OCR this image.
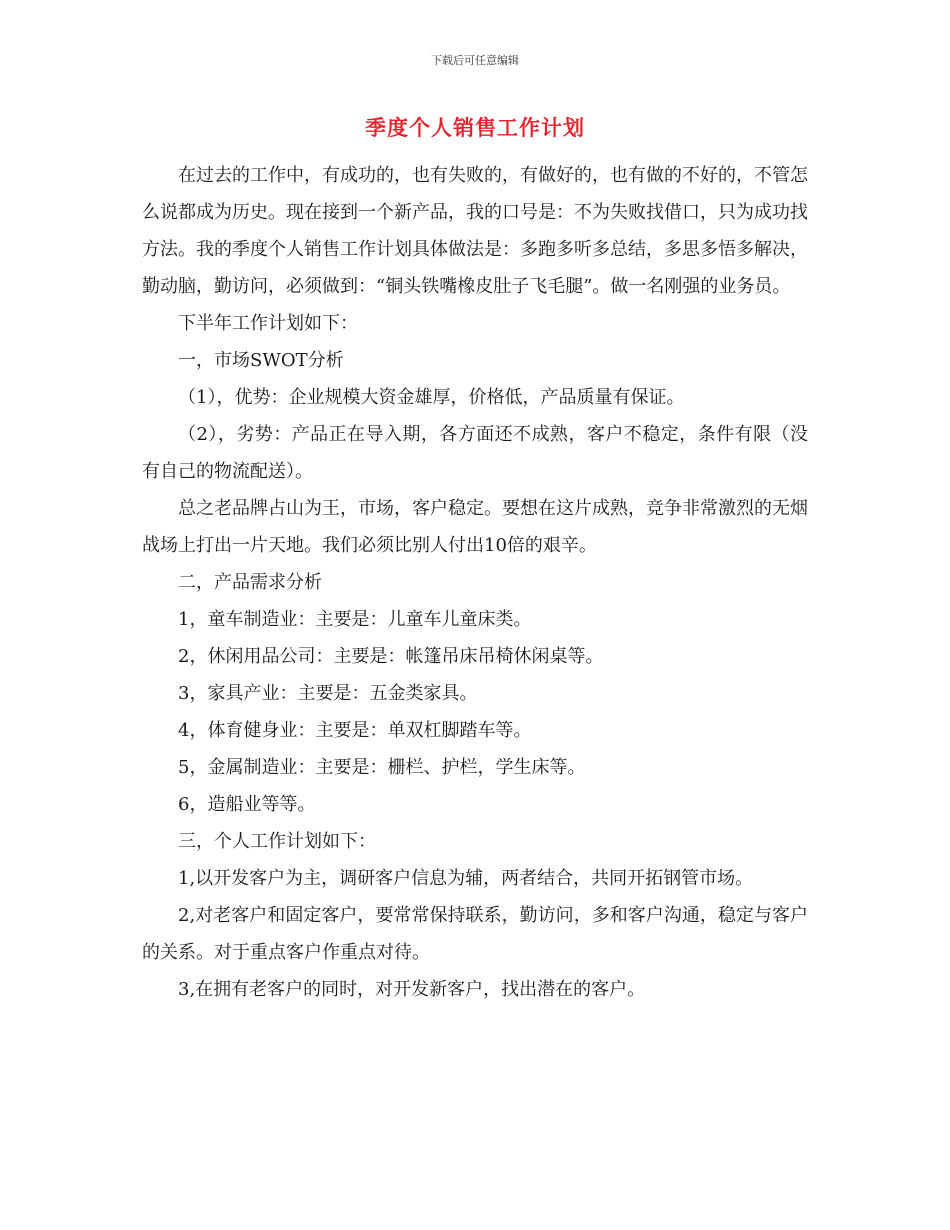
下载后可任意编辑
季度个人销售工作计划

在过去的工作中，有成功的，也有失败的，有做好的，也有做的不好的，不管怎么说都成为历史。现在接到一个新产品，我的口号是：不为失败找借口，只为成功找方法。我的季度个人销售工作计划具体做法是：多跑多听多总结，多思多悟多解决，勤动脑，勤访问，必须做到：“铜头铁嘴橡皮肚子飞毛腿”。做一名刚强的业务员。

下半年工作计划如下：

一，市场SWOT分析

（1），优势：企业规模大资金雄厚，价格低，产品质量有保证。

（2），劣势：产品正在导入期，各方面还不成熟，客户不稳定，条件有限（没有自己的物流配送）。

总之老品牌占山为王，市场，客户稳定。要想在这片成熟，竞争非常激烈的无烟战场上打出一片天地。我们必须比别人付出10倍的艰辛。

二，产品需求分析

1，童车制造业：主要是：儿童车儿童床类。

2，休闲用品公司：主要是：帐篷吊床吊椅休闲桌等。

3，家具产业：主要是：五金类家具。

4，体育健身业：主要是：单双杠脚踏车等。

5，金属制造业：主要是：栅栏、护栏，学生床等。

6，造船业等等。

三，个人工作计划如下：

1,以开发客户为主，调研客户信息为辅，两者结合，共同开拓钢管市场。

2,对老客户和固定客户，要常常保持联系，勤访问，多和客户沟通，稳定与客户的关系。对于重点客户作重点对待。

3,在拥有老客户的同时，对开发新客户，找出潜在的客户。
